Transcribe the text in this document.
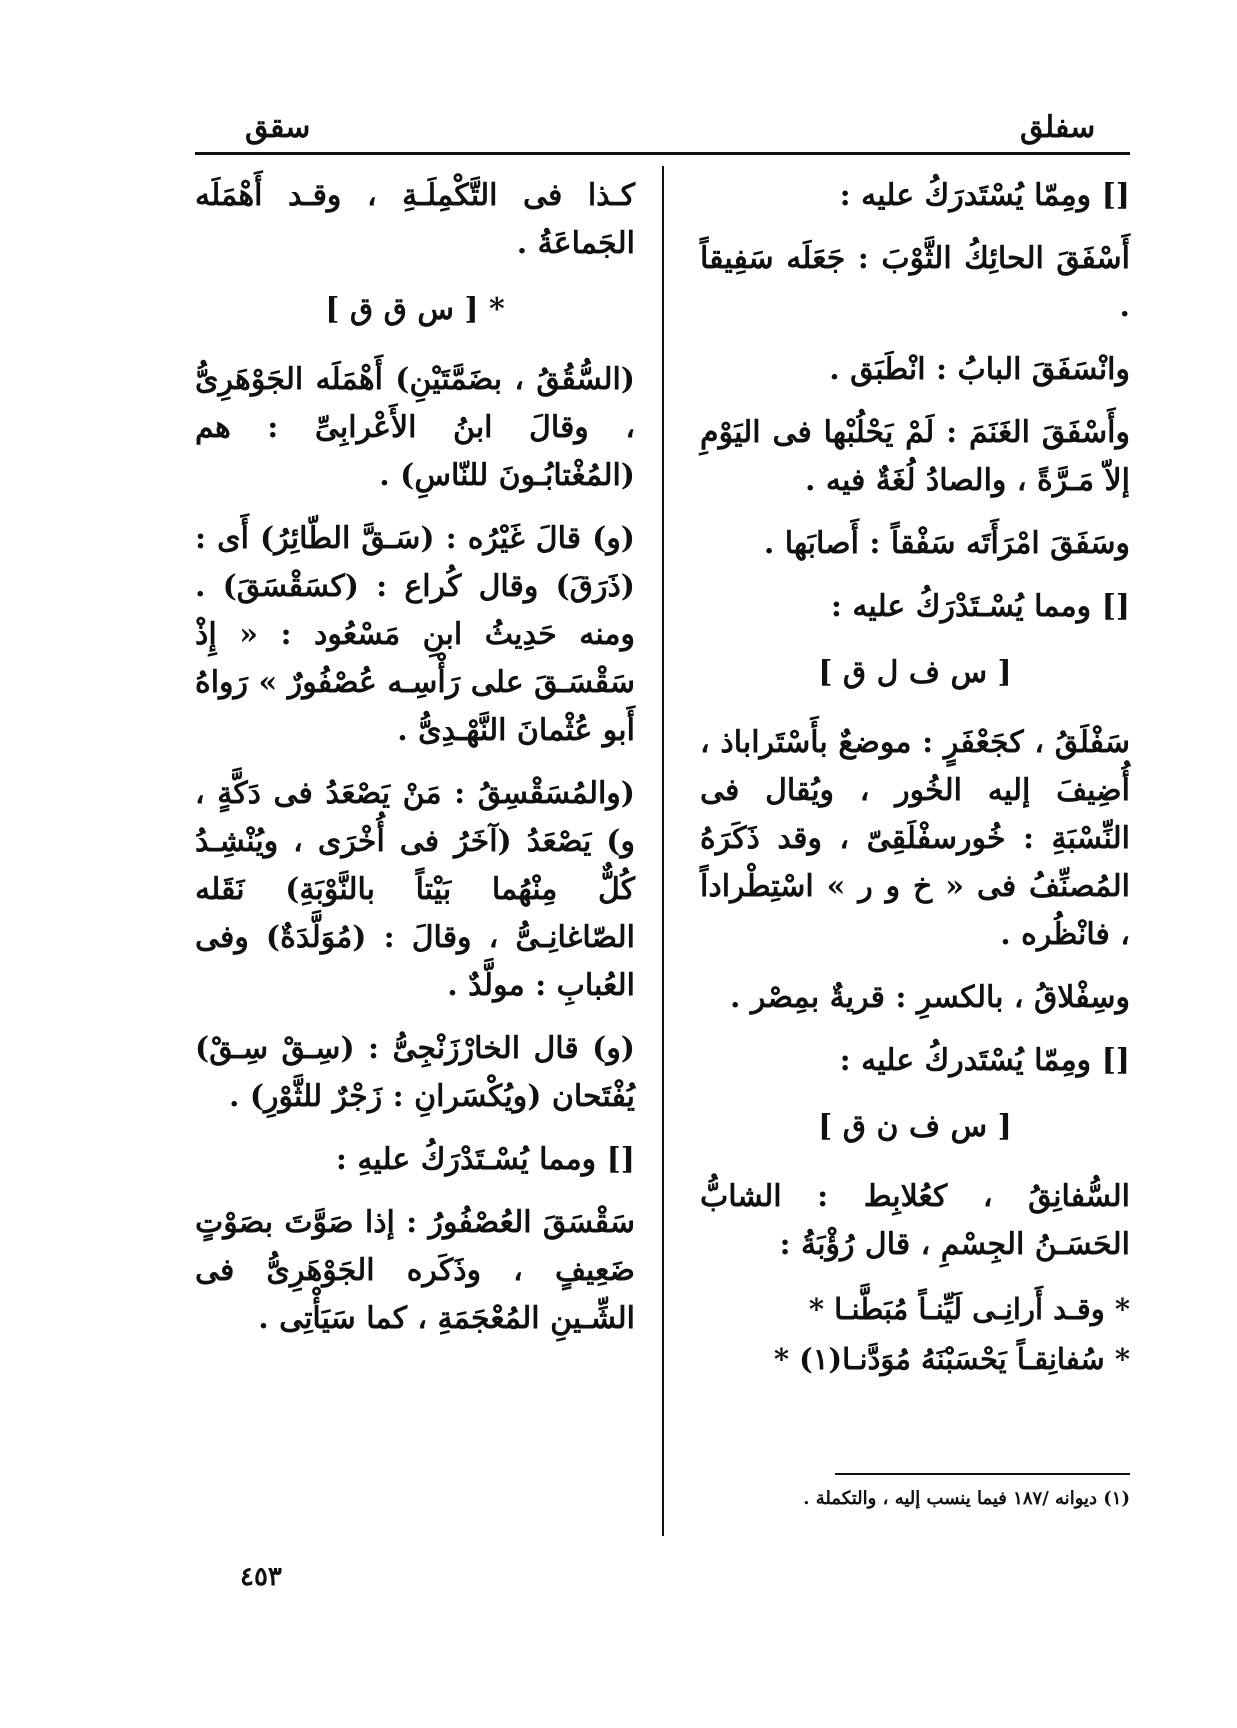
سفلق
سقق

[] ومِمّا يُسْتَدرَكُ عليه :

أَسْفَقَ الحائِكُ الثَّوْبَ : جَعَلَه سَفِيقاً .

وانْسَفَقَ البابُ : انْطَبَق .

وأَسْفَقَ الغَنَمَ : لَمْ يَحْلُبْها فى اليَوْمِ إلاّ مَـرَّةً ، والصادُ لُغَةٌ فيه .

وسَفَقَ امْرَأَتَه سَفْقاً : أَصابَها .

[] ومما يُسْـتَدْرَكُ عليه :

[ س ف ل ق ]

سَفْلَقُ ، كجَعْفَرٍ : موضعٌ بأَسْتَراباذ ، أُضِيفَ إليه الخُور ، ويُقال فى النِّسْبَةِ : خُورسفْلَقِىّ ، وقد ذَكَرَهُ المُصنِّفُ فى « خ و ر » اسْتِطْراداً ، فانْظُره .

وسِفْلاقُ ، بالكسرِ : قريةٌ بمِصْر .

[] ومِمّا يُسْتَدركُ عليه :

[ س ف ن ق ]

السُّفانِقُ ، كعُلابِط : الشابُّ الحَسَـنُ الجِسْمِ ، قال رُؤْبَةُ :

* وقـد أَرانِـى لَيِّنـاً مُبَطَّنـا *
* سُفانِقـاً يَحْسَبْنَهُ مُوَدَّنـا(١) *

كـذا فى التَّكْمِلَـةِ ، وقـد أَهْمَلَه الجَماعَةُ .

* [ س ق ق ]

(السُّقُقُ ، بضَمَّتَيْنِ) أَهْمَلَه الجَوْهَرِىُّ ، وقالَ ابنُ الأَعْرابِىِّ : هم (المُغْتابُـونَ للنّاسِ) .

(و) قالَ غَيْرُه : (سَـقَّ الطّائِرُ) أَى : (ذَرَقَ) وقال كُراع : (كسَقْسَقَ) . ومنه حَدِيثُ ابنِ مَسْعُود : « إِذْ سَقْسَـقَ على رَأْسِـه عُصْفُورٌ » رَواهُ أَبو عُثْمانَ النَّهْـدِىُّ .

(والمُسَقْسِقُ : مَنْ يَصْعَدُ فى دَكَّةٍ ، و) يَصْعَدُ (آخَرُ فى أُخْرَى ، ويُنْشِـدُ كُلٌّ مِنْهُما بَيْتاً بالنَّوْبَةِ) نَقَله الصّاغانِـىُّ ، وقالَ : (مُوَلَّدَةٌ) وفى العُبابِ : مولَّدٌ .

(و) قال الخارْزَنْجِىُّ : (سِـقْ سِـقْ) يُفْتَحان (ويُكْسَرانِ : زَجْرٌ للثَّوْرِ) .

[] ومما يُسْـتَدْرَكُ عليهِ :

سَقْسَقَ العُصْفُورُ : إذا صَوَّتَ بصَوْتٍ ضَعِيفٍ ، وذَكَره الجَوْهَرِىُّ فى الشِّـينِ المُعْجَمَةِ ، كما سَيَأْتِى .

(١) ديوانه /١٨٧ فيما ينسب إليه ، والتكملة .
٤٥٣
